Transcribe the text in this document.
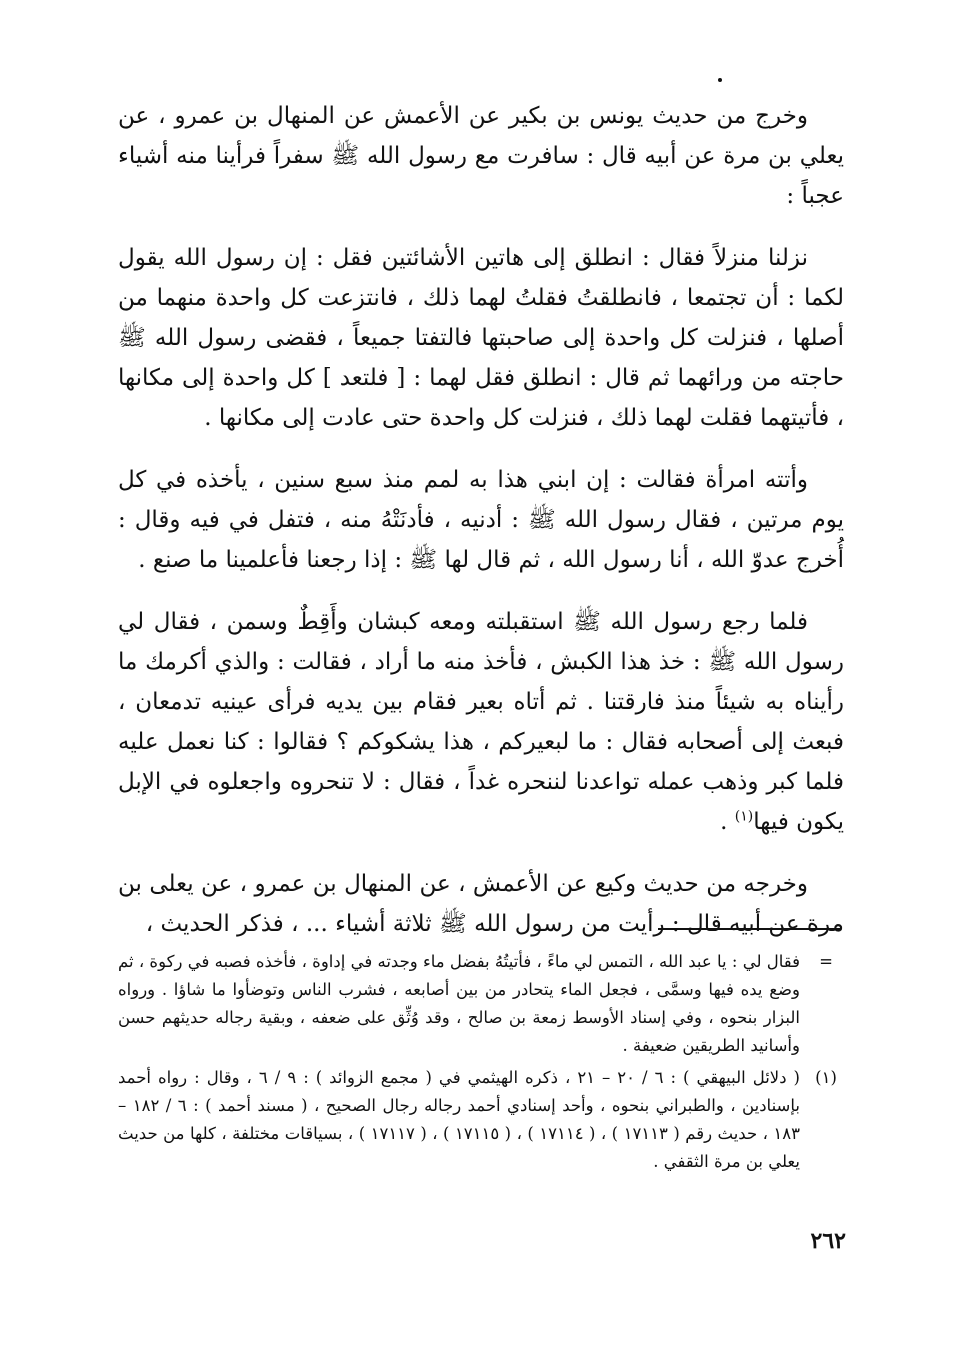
وخرج من حديث يونس بن بكير عن الأعمش عن المنهال بن عمرو ، عن يعلي بن مرة عن أبيه قال : سافرت مع رسول الله ﷺ سفراً فرأينا منه أشياء عجباً :

نزلنا منزلاً فقال : انطلق إلى هاتين الأشائتين فقل : إن رسول الله يقول لكما : أن تجتمعا ، فانطلقتُ فقلتُ لهما ذلك ، فانتزعت كل واحدة منهما من أصلها ، فنزلت كل واحدة إلى صاحبتها فالتفتا جميعاً ، فقضى رسول الله ﷺ حاجته من ورائهما ثم قال : انطلق فقل لهما : [ فلتعد ] كل واحدة إلى مكانها ، فأتيتهما فقلت لهما ذلك ، فنزلت كل واحدة حتى عادت إلى مكانها .

وأتته امرأة فقالت : إن ابني هذا به لمم منذ سبع سنين ، يأخذه في كل يوم مرتين ، فقال رسول الله ﷺ : أدنيه ، فأدنَتْهُ منه ، فتفل في فيه وقال : أُخرج عدوّ الله ، أنا رسول الله ، ثم قال لها ﷺ : إذا رجعنا فأعلمينا ما صنع .

فلما رجع رسول الله ﷺ استقبلته ومعه كبشان وأَقِطٌ وسمن ، فقال لي رسول الله ﷺ : خذ هذا الكبش ، فأخذ منه ما أراد ، فقالت : والذي أكرمك ما رأيناه به شيئاً منذ فارقتنا . ثم أتاه بعير فقام بين يديه فرأى عينيه تدمعان ، فبعث إلى أصحابه فقال : ما لبعيركم ، هذا يشكوكم ؟ فقالوا : كنا نعمل عليه فلما كبر وذهب عمله تواعدنا لننحره غداً ، فقال : لا تنحروه واجعلوه في الإبل يكون فيها$^{(١)}$ .

وخرجه من حديث وكيع عن الأعمش ، عن المنهال بن عمرو ، عن يعلى بن مرة عن أبيه قال : رأيت من رسول الله ﷺ ثلاثة أشياء ... ، فذكر الحديث ،

=
فقال لي : يا عبد الله ، التمس لي ماءً ، فأتيتُهُ بفضل ماء وجدته في إداوة ، فأخذه فصبه في ركوة ، ثم وضع يده فيها وسمَّى ، فجعل الماء يتحادر من بين أصابعه ، فشرب الناس وتوضأوا ما شاؤا . ورواه البزار بنحوه ، وفي إسناد الأوسط زمعة بن صالح ، وقد وُثِّق على ضعفه ، وبقية رجاله حديثهم حسن وأسانيد الطريقين ضعيفة .
(١)
( دلائل البيهقي ) : ٦ / ٢٠ – ٢١ ، ذكره الهيثمي في ( مجمع الزوائد ) : ٩ / ٦ ، وقال : رواه أحمد بإسنادين ، والطبراني بنحوه ، وأحد إسنادي أحمد رجاله رجال الصحيح ، ( مسند أحمد ) : ٦ / ١٨٢ – ١٨٣ ، حديث رقم ( ١٧١١٣ ) ، ( ١٧١١٤ ) ، ( ١٧١١٥ ) ، ( ١٧١١٧ ) ، بسياقات مختلفة ، كلها من حديث يعلي بن مرة الثقفي .
٢٦٢
